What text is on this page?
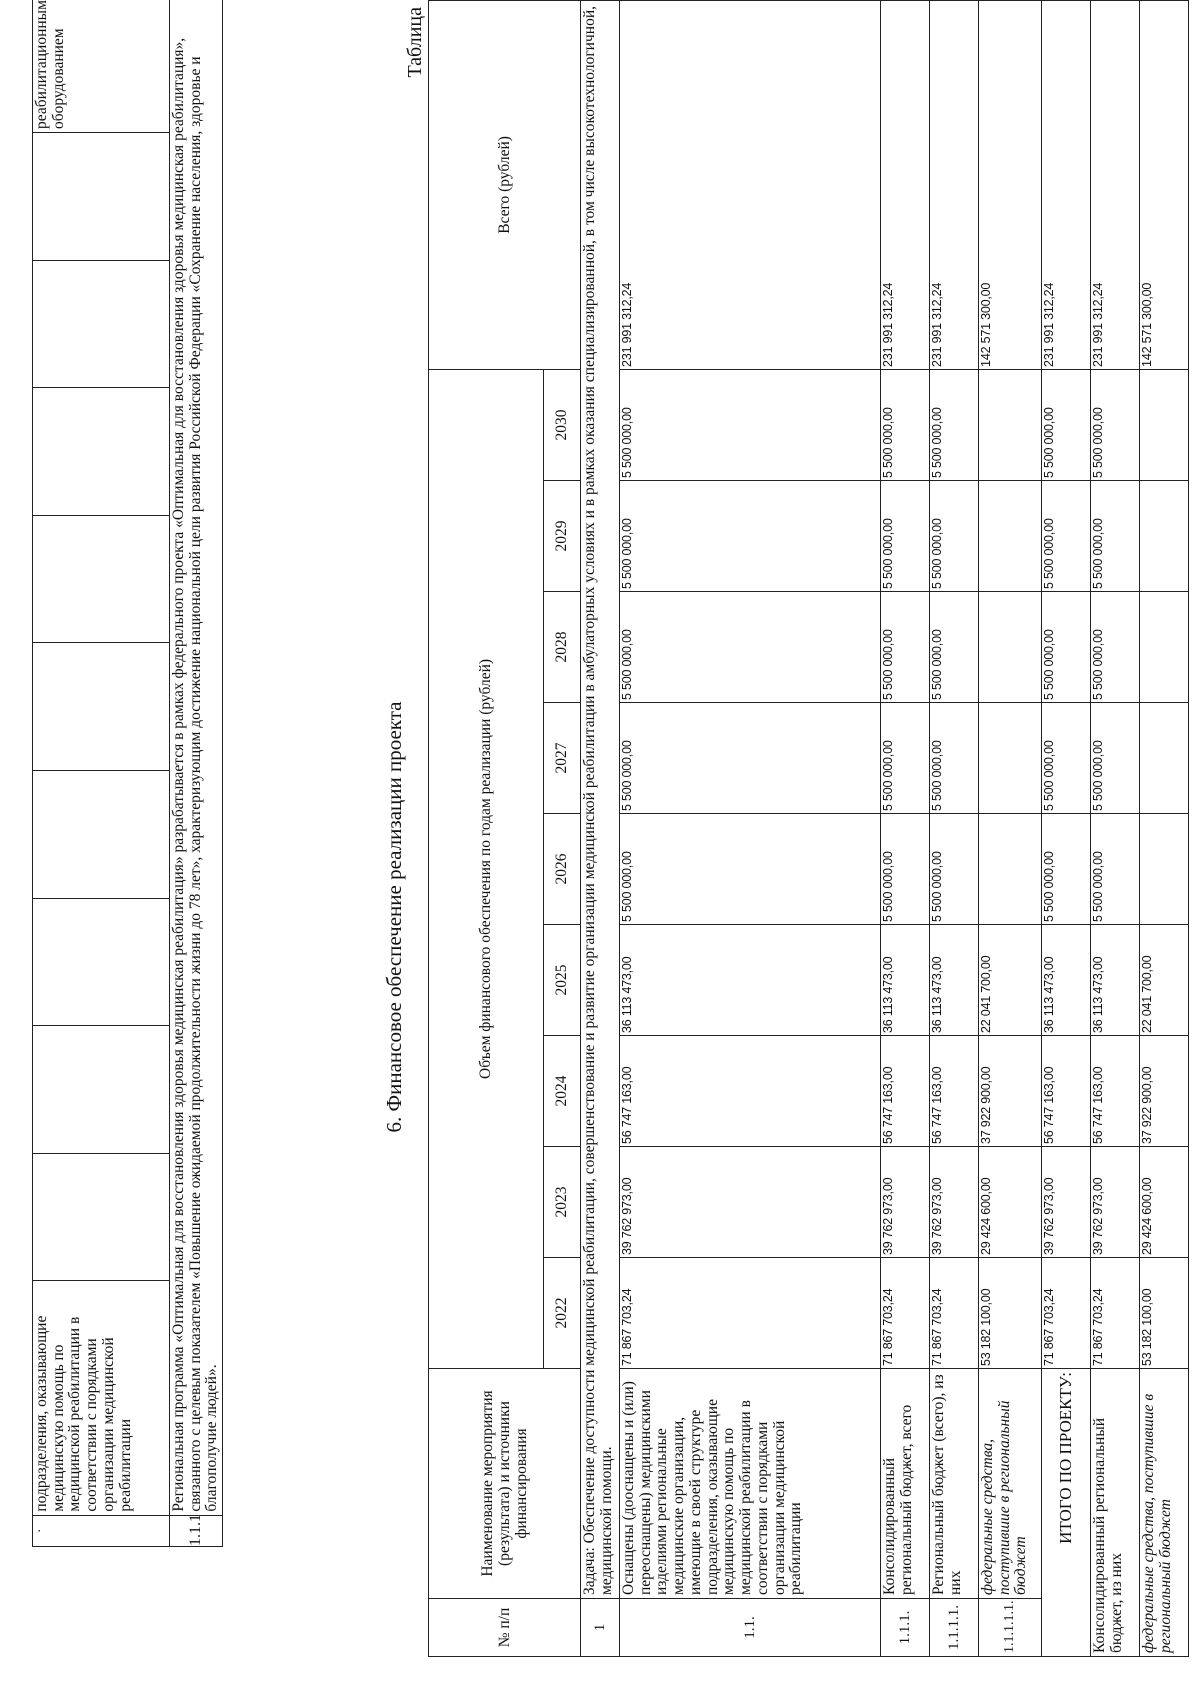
·	подразделения, оказывающие медицинскую помощь по медицинской реабилитации в соответствии с порядками организации медицинской реабилитации										реабилитационным оборудованием
1.1.1	Региональная программа «Оптимальная для восстановления здоровья медицинская реабилитация» разрабатывается в рамках федерального проекта «Оптимальная для восстановления здоровья медицинская реабилитация», связанного с целевым показателем «Повышение ожидаемой продолжительности жизни до 78 лет», характеризующим достижение национальной цели развития Российской Федерации «Сохранение населения, здоровье и благополучие людей».										
6. Финансовое обеспечение реализации проекта
Таблица
№ п/п	Наименование мероприятия (результата) и источники финансирования	Объем финансового обеспечения по годам реализации (рублей)									Всего (рублей)
		2022	2023	2024	2025	2026	2027	2028	2029	2030	
1	Задача: Обеспечение доступности медицинской реабилитации, совершенствование и развитие организации медицинской реабилитации в амбулаторных условиях и в рамках оказания специализированной, в том числе высокотехнологичной, медицинской помощи.										
1.1.	Оснащены (дооснащены и (или) переоснащены) медицинскими изделиями региональные медицинские организации, имеющие в своей структуре подразделения, оказывающие медицинскую помощь по медицинской реабилитации в соответствии с порядками организации медицинской реабилитации	71 867 703,24	39 762 973,00	56 747 163,00	36 113 473,00	5 500 000,00	5 500 000,00	5 500 000,00	5 500 000,00	5 500 000,00	231 991 312,24
1.1.1.	Консолидированный региональный бюджет, всего	71 867 703,24	39 762 973,00	56 747 163,00	36 113 473,00	5 500 000,00	5 500 000,00	5 500 000,00	5 500 000,00	5 500 000,00	231 991 312,24
1.1.1.1.	Региональный бюджет (всего), из них	71 867 703,24	39 762 973,00	56 747 163,00	36 113 473,00	5 500 000,00	5 500 000,00	5 500 000,00	5 500 000,00	5 500 000,00	231 991 312,24
1.1.1.1.1.	федеральные средства, поступившие в региональный бюджет	53 182 100,00	29 424 600,00	37 922 900,00	22 041 700,00						142 571 300,00
ИТОГО ПО ПРОЕКТУ:		71 867 703,24	39 762 973,00	56 747 163,00	36 113 473,00	5 500 000,00	5 500 000,00	5 500 000,00	5 500 000,00	5 500 000,00	231 991 312,24
Консолидированный региональный бюджет, из них		71 867 703,24	39 762 973,00	56 747 163,00	36 113 473,00	5 500 000,00	5 500 000,00	5 500 000,00	5 500 000,00	5 500 000,00	231 991 312,24
федеральные средства, поступившие в региональный бюджет		53 182 100,00	29 424 600,00	37 922 900,00	22 041 700,00						142 571 300,00
